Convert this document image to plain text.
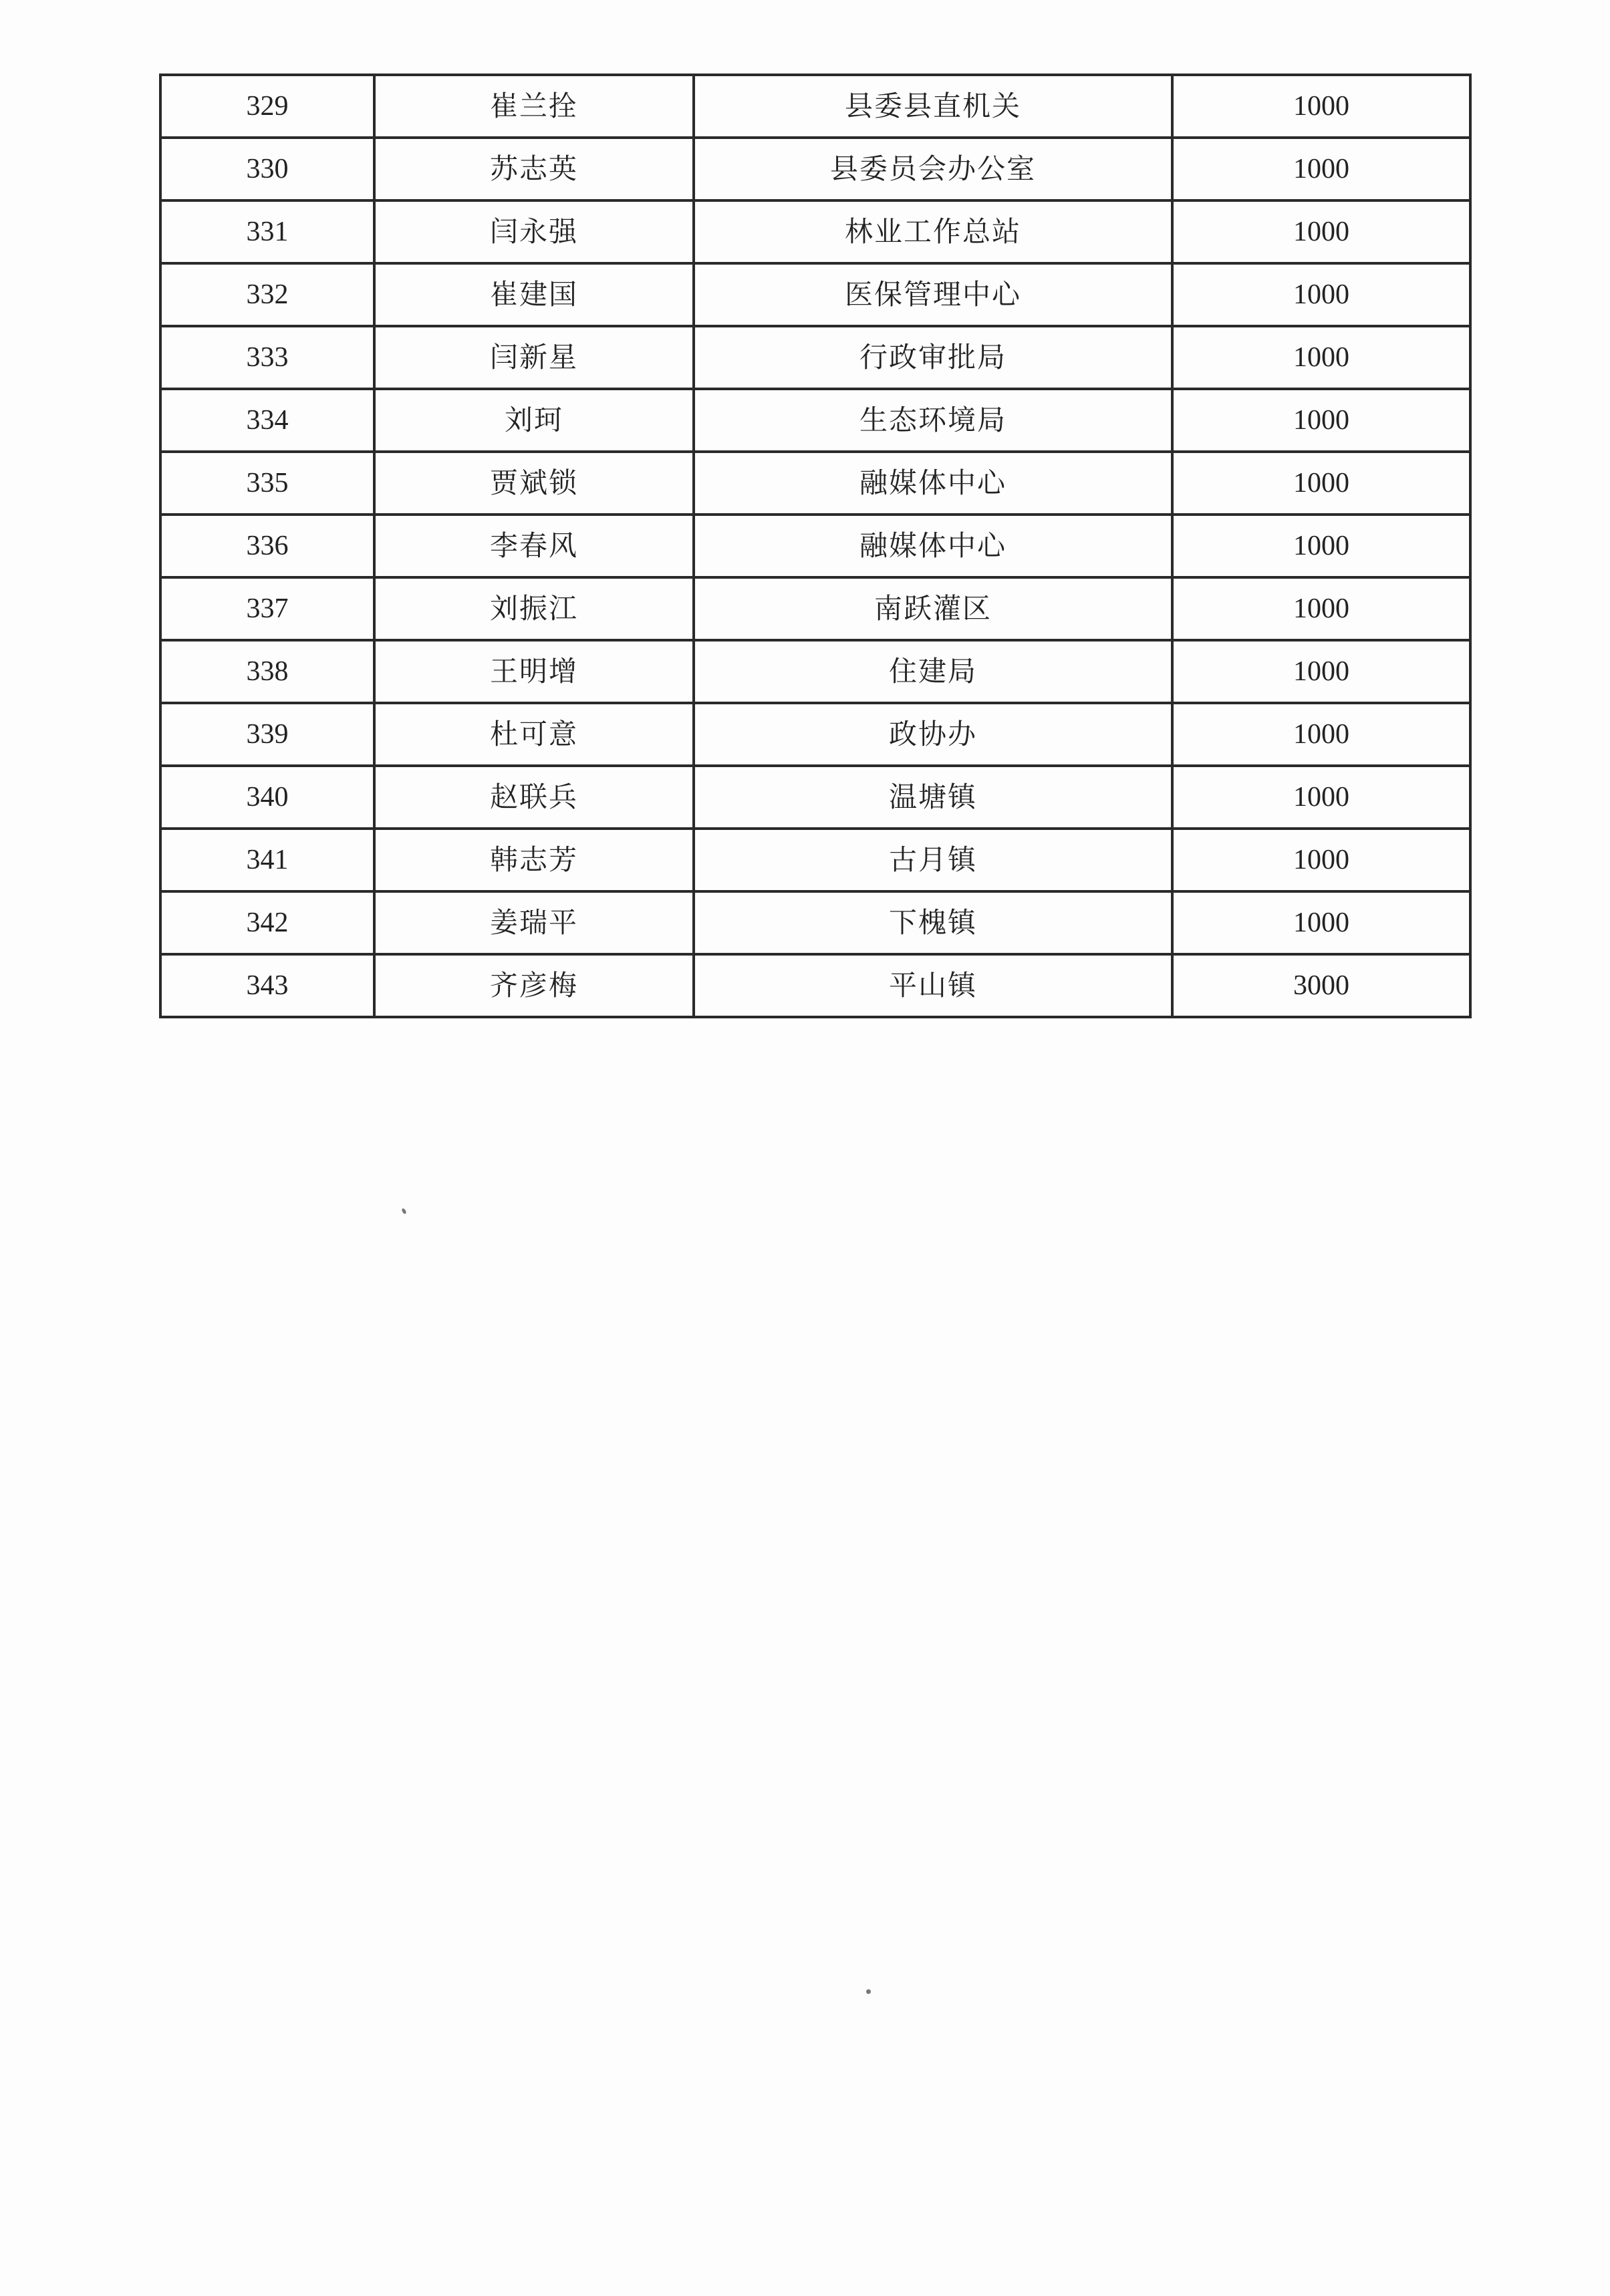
329	崔兰拴	县委县直机关	1000
330	苏志英	县委员会办公室	1000
331	闫永强	林业工作总站	1000
332	崔建国	医保管理中心	1000
333	闫新星	行政审批局	1000
334	刘珂	生态环境局	1000
335	贾斌锁	融媒体中心	1000
336	李春风	融媒体中心	1000
337	刘振江	南跃灌区	1000
338	王明增	住建局	1000
339	杜可意	政协办	1000
340	赵联兵	温塘镇	1000
341	韩志芳	古月镇	1000
342	姜瑞平	下槐镇	1000
343	齐彦梅	平山镇	3000
